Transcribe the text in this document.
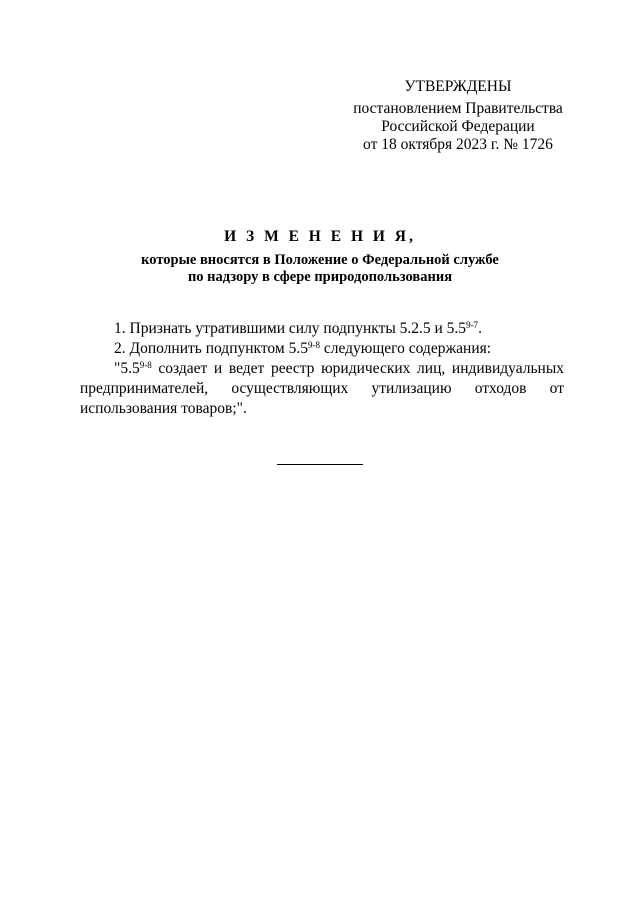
УТВЕРЖДЕНЫ
постановлением Правительства
Российской Федерации
от 18 октября 2023 г. № 1726
И З М Е Н Е Н И Я,
которые вносятся в Положение о Федеральной службе
по надзору в сфере природопользования

1. Признать утратившими силу подпункты 5.2.5 и 5.5$^{9-7}$.

2. Дополнить подпунктом 5.5$^{9-8}$ следующего содержания:

"5.5$^{9-8}$ создает и ведет реестр юридических лиц, индивидуальных предпринимателей, осуществляющих утилизацию отходов от использования товаров;".
